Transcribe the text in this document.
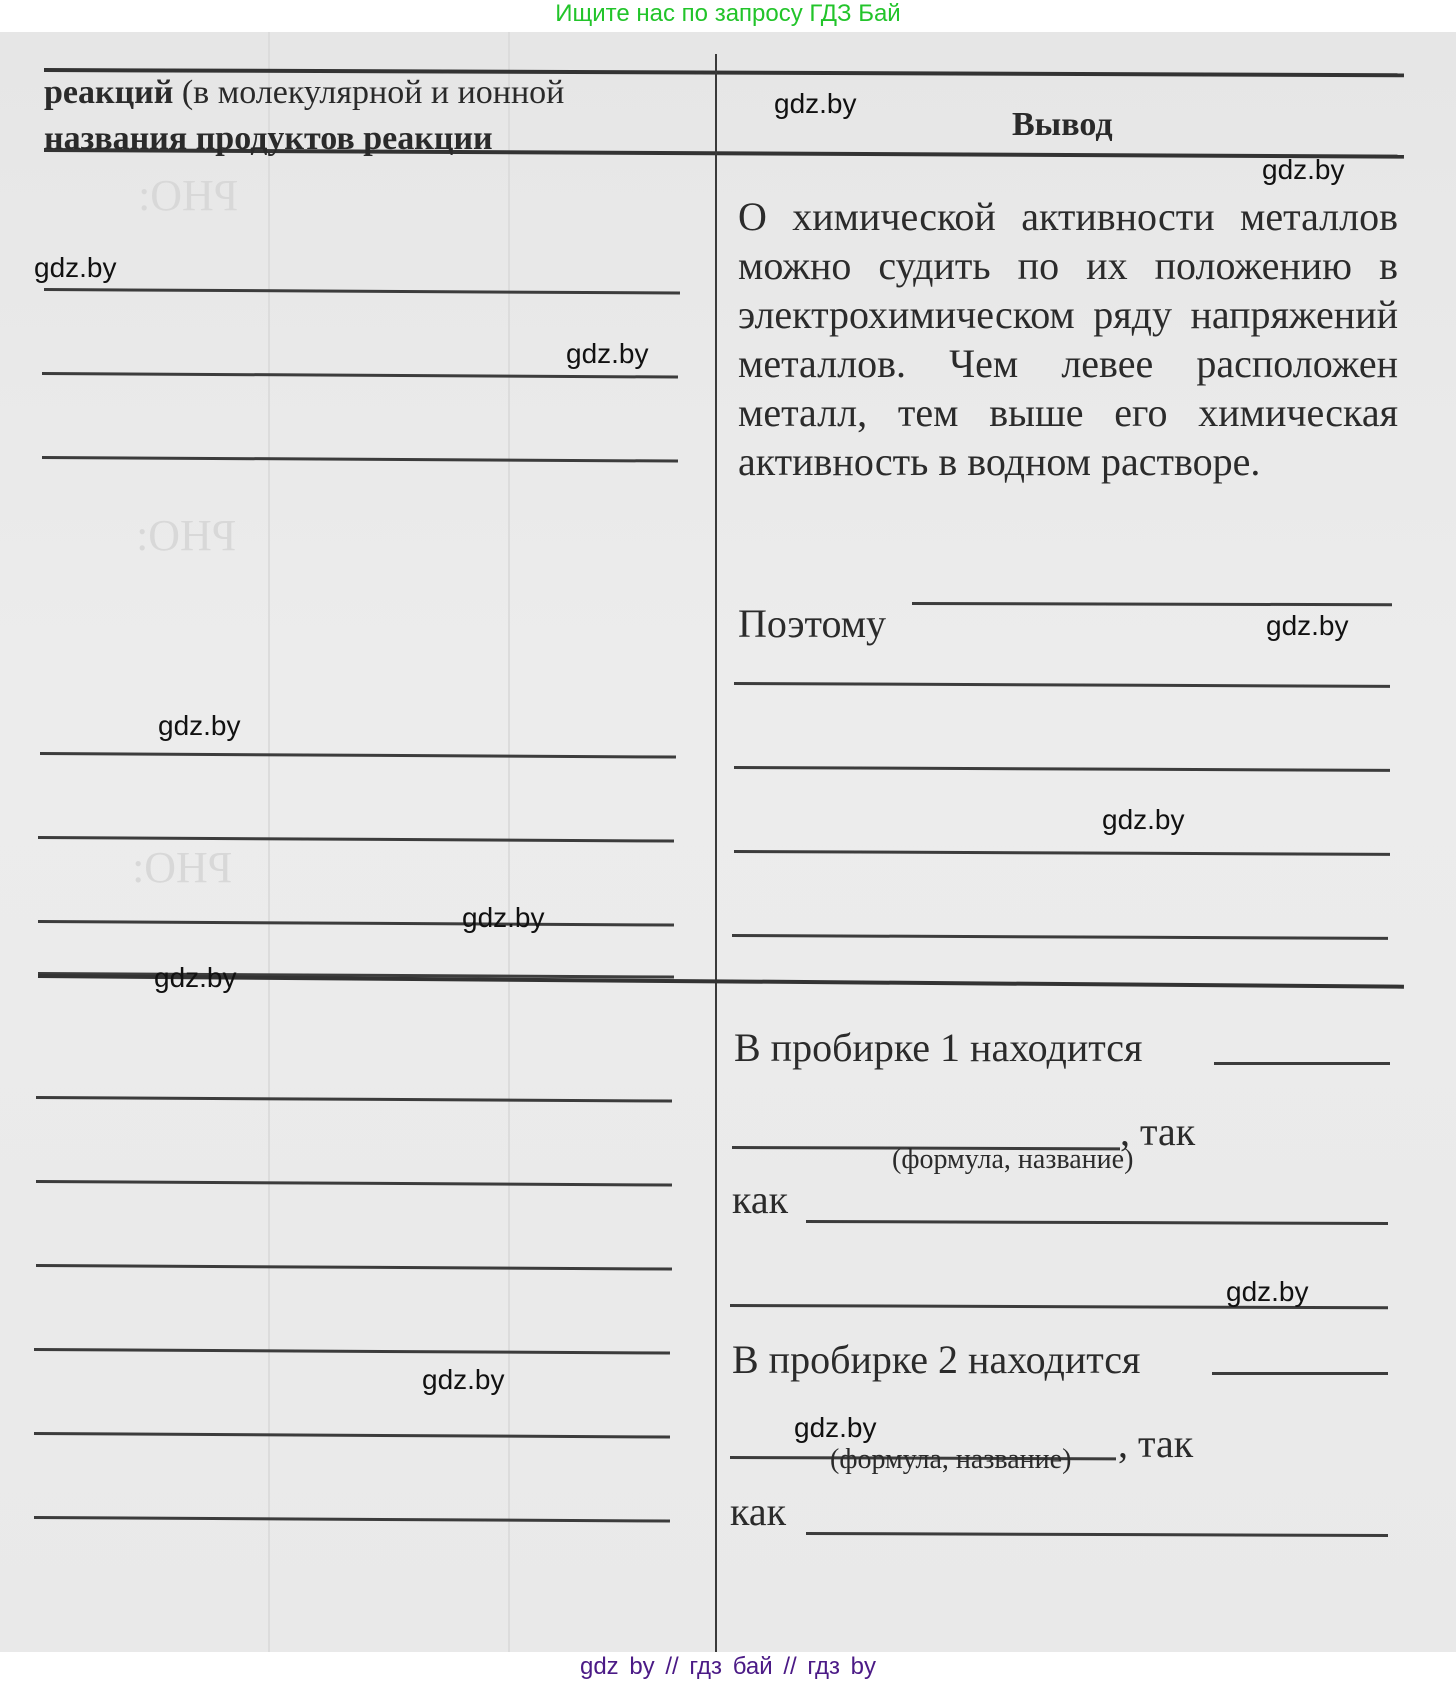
Ищите нас по запросу ГДЗ Бай
PHO:
PHO:
PHO:
реакций (в молекулярной и ионной
названия продуктов реакции	Вывод
О химической активности металлов можно судить по их положению в электрохимическом ряду напряжений металлов. Чем левее расположен металл, тем выше его химическая активность в водном растворе.
Поэтому
В пробирке 1 находится
, так
(формула, название)
как
В пробирке 2 находится
, так
(формула, название)
как
gdz.by
gdz.by
gdz.by
gdz.by
gdz.by
gdz.by
gdz.by
gdz.by
gdz.by
gdz.by
gdz.by
gdz.by
gdz by // гдз бай // гдз by
